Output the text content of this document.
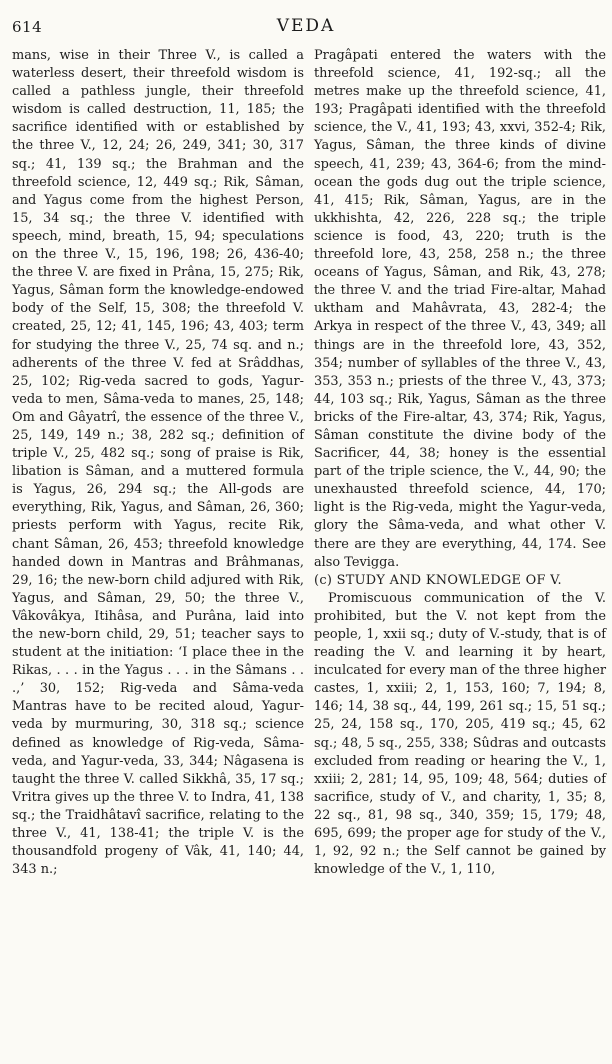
614	VEDA

mans, wise in their Three V., is called a waterless desert, their threefold wisdom is called a pathless jungle, their threefold wisdom is called destruction, 11, 185; the sacrifice identified with or established by the three V., 12, 24; 26, 249, 341; 30, 317 sq.; 41, 139 sq.; the Brahman and the threefold science, 12, 449 sq.; Rik, Sâman, and Yagus come from the highest Person, 15, 34 sq.; the three V. identified with speech, mind, breath, 15, 94; speculations on the three V., 15, 196, 198; 26, 436-40; the three V. are fixed in Prâna, 15, 275; Rik, Yagus, Sâman form the knowledge-endowed body of the Self, 15, 308; the threefold V. created, 25, 12; 41, 145, 196; 43, 403; term for studying the three V., 25, 74 sq. and n.; adherents of the three V. fed at Srâddhas, 25, 102; Rig-veda sacred to gods, Yagur-veda to men, Sâma-veda to manes, 25, 148; Om and Gâyatrî, the essence of the three V., 25, 149, 149 n.; 38, 282 sq.; definition of triple V., 25, 482 sq.; song of praise is Rik, libation is Sâman, and a muttered formula is Yagus, 26, 294 sq.; the All-gods are everything, Rik, Yagus, and Sâman, 26, 360; priests perform with Yagus, recite Rik, chant Sâman, 26, 453; threefold knowledge handed down in Mantras and Brâhmanas, 29, 16; the new-born child adjured with Rik, Yagus, and Sâman, 29, 50; the three V., Vâkovâkya, Itihâsa, and Purâna, laid into the new-born child, 29, 51; teacher says to student at the initiation: ‘I place thee in the Rikas, . . . in the Yagus . . . in the Sâmans . . .,’ 30, 152; Rig-veda and Sâma-veda Mantras have to be recited aloud, Yagur-veda by murmuring, 30, 318 sq.; science defined as knowledge of Rig-veda, Sâma-veda, and Yagur-veda, 33, 344; Nâgasena is taught the three V. called Sikkhâ, 35, 17 sq.; Vritra gives up the three V. to Indra, 41, 138 sq.; the Traidhâtavî sacrifice, relating to the three V., 41, 138-41; the triple V. is the thousandfold progeny of Vâk, 41, 140; 44, 343 n.;

Pragâpati entered the waters with the threefold science, 41, 192-sq.; all the metres make up the threefold science, 41, 193; Pragâpati identified with the threefold science, the V., 41, 193; 43, xxvi, 352-4; Rik, Yagus, Sâman, the three kinds of divine speech, 41, 239; 43, 364-6; from the mind-ocean the gods dug out the triple science, 41, 415; Rik, Sâman, Yagus, are in the ukkhishta, 42, 226, 228 sq.; the triple science is food, 43, 220; truth is the threefold lore, 43, 258, 258 n.; the three oceans of Yagus, Sâman, and Rik, 43, 278; the three V. and the triad Fire-altar, Mahad uktham and Mahâvrata, 43, 282-4; the Arkya in respect of the three V., 43, 349; all things are in the threefold lore, 43, 352, 354; number of syllables of the three V., 43, 353, 353 n.; priests of the three V., 43, 373; 44, 103 sq.; Rik, Yagus, Sâman as the three bricks of the Fire-altar, 43, 374; Rik, Yagus, Sâman constitute the divine body of the Sacrificer, 44, 38; honey is the essential part of the triple science, the V., 44, 90; the unexhausted threefold science, 44, 170; light is the Rig-veda, might the Yagur-veda, glory the Sâma-veda, and what other V. there are they are everything, 44, 174. See also Tevigga.

(c) STUDY AND KNOWLEDGE OF V.

Promiscuous communication of the V. prohibited, but the V. not kept from the people, 1, xxii sq.; duty of V.-study, that is of reading the V. and learning it by heart, inculcated for every man of the three higher castes, 1, xxiii; 2, 1, 153, 160; 7, 194; 8, 146; 14, 38 sq., 44, 199, 261 sq.; 15, 51 sq.; 25, 24, 158 sq., 170, 205, 419 sq.; 45, 62 sq.; 48, 5 sq., 255, 338; Sûdras and outcasts excluded from reading or hearing the V., 1, xxiii; 2, 281; 14, 95, 109; 48, 564; duties of sacrifice, study of V., and charity, 1, 35; 8, 22 sq., 81, 98 sq., 340, 359; 15, 179; 48, 695, 699; the proper age for study of the V., 1, 92, 92 n.; the Self cannot be gained by knowledge of the V., 1, 110,
